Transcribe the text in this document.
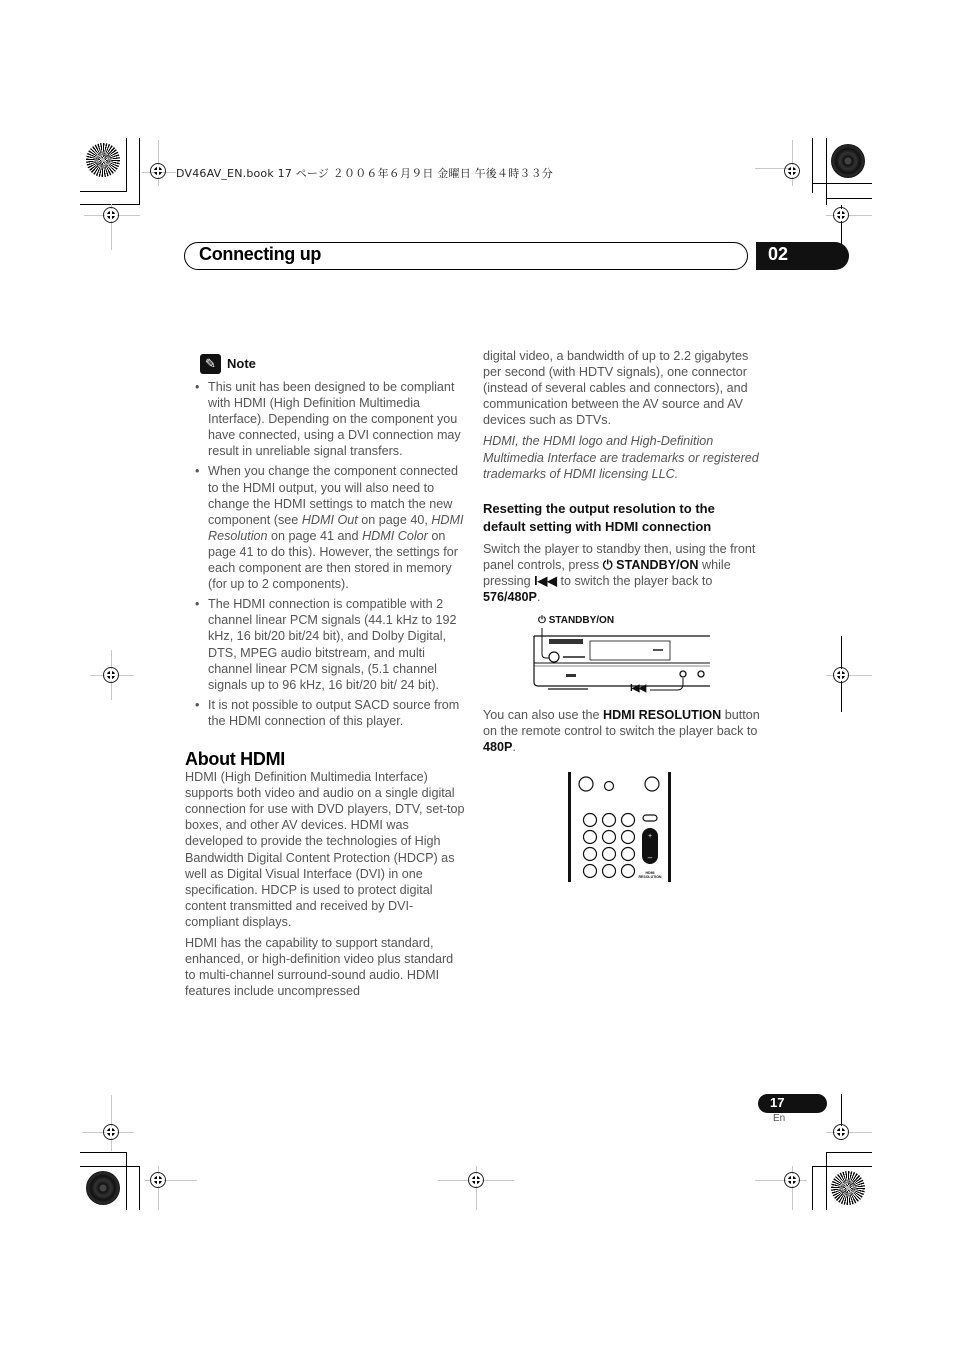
DV46AV_EN.book 17 ページ ２００６年６月９日 金曜日 午後４時３３分
Connecting up	02
✎ Note
• This unit has been designed to be compliant with HDMI (High Definition Multimedia Interface). Depending on the component you have connected, using a DVI connection may result in unreliable signal transfers.
• When you change the component connected to the HDMI output, you will also need to change the HDMI settings to match the new component (see HDMI Out on page 40, HDMI Resolution on page 41 and HDMI Color on page 41 to do this). However, the settings for each component are then stored in memory (for up to 2 components).
• The HDMI connection is compatible with 2 channel linear PCM signals (44.1 kHz to 192 kHz, 16 bit/20 bit/24 bit), and Dolby Digital, DTS, MPEG audio bitstream, and multi channel linear PCM signals, (5.1 channel signals up to 96 kHz, 16 bit/20 bit/ 24 bit).
• It is not possible to output SACD source from the HDMI connection of this player.
About HDMI

HDMI (High Definition Multimedia Interface) supports both video and audio on a single digital connection for use with DVD players, DTV, set-top boxes, and other AV devices. HDMI was developed to provide the technologies of High Bandwidth Digital Content Protection (HDCP) as well as Digital Visual Interface (DVI) in one specification. HDCP is used to protect digital content transmitted and received by DVI-compliant displays.

HDMI has the capability to support standard, enhanced, or high-definition video plus standard to multi-channel surround-sound audio. HDMI features include uncompressed

digital video, a bandwidth of up to 2.2 gigabytes per second (with HDTV signals), one connector (instead of several cables and connectors), and communication between the AV source and AV devices such as DTVs.

HDMI, the HDMI logo and High-Definition Multimedia Interface are trademarks or registered trademarks of HDMI licensing LLC.

Resetting the output resolution to the default setting with HDMI connection

Switch the player to standby then, using the front panel controls, press ⏻ STANDBY/ON while pressing I◀◀ to switch the player back to 576/480P.

⏻ STANDBY/ON
I◀◀

You can also use the HDMI RESOLUTION button on the remote control to switch the player back to 480P.

+
–
HDMI
RESOLUTION
17
En
